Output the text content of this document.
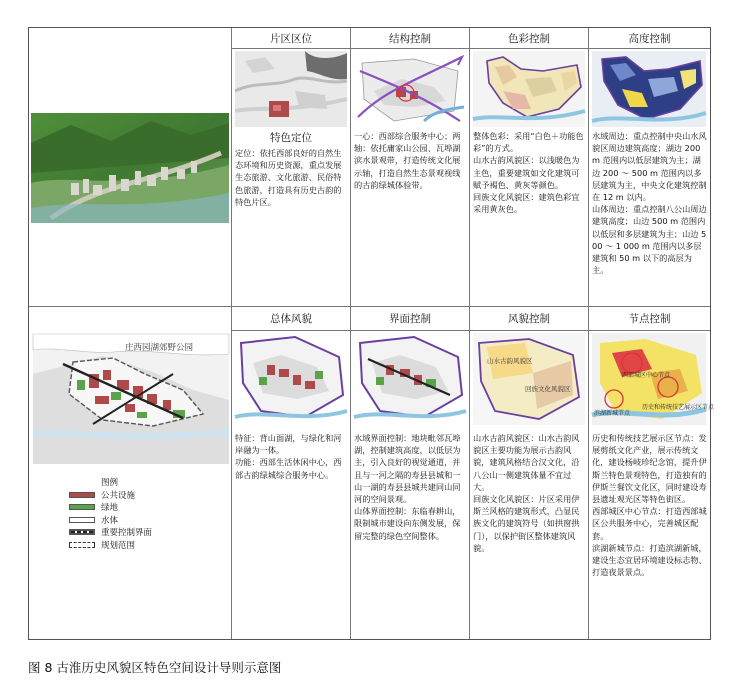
片区区位
特色定位
定位：依托西部良好的自然生态环境和历史资源，重点发展生态旅游、文化旅游、民俗特色旅游，打造具有历史古韵的特色片区。
结构控制
一心：西部综合服务中心；两轴：依托庸家山公园、瓦埠湖滨水景观带，打造传统文化展示轴，打造自然生态景观视线的古韵绿城体验带。
色彩控制

整体色彩：采用“白色＋功能色彩”的方式。

山水古韵风貌区：以浅暖色为主色，重要建筑如文化建筑可赋予褐色、黄灰等颜色。

回族文化风貌区：建筑色彩宜采用黄灰色。

高度控制

水域周边：重点控制中央山水风貌区周边建筑高度；湖边 200 m 范围内以低层建筑为主；湖边 200 ～ 500 m 范围内以多层建筑为主，中央文化建筑控制在 12 m 以内。

山体周边：重点控制八公山周边建筑高度；山边 500 m 范围内以低层和多层建筑为主；山边 500 ～ 1 000 m 范围内以多层建筑和 50 m 以下的高层为主。

庄西园湖郊野公园
图例
公共设施
绿地
水体
重要控制界面
规划范围
总体风貌

特征：背山面湖，与绿化和河岸融为一体。

功能：西部生活休闲中心，西部古韵绿城综合服务中心。

界面控制

水域界面控制：地块毗邻瓦埠湖，控制建筑高度，以低层为主，引入良好的视觉通道，并且与一河之隔的寿县县城和一山一湖的寿县县城共建同山同河的空间景观。

山体界面控制：东临春耕山，限制城市建设向东侧发展，保留完整的绿色空间整体。

风貌控制
山水古韵风貌区
回族文化风貌区

山水古韵风貌区：山水古韵风貌区主要功能为展示古韵风貌，建筑风格结合汉文化，沿八公山一侧建筑体量不宜过大。

回族文化风貌区：片区采用伊斯兰风格的建筑形式，凸显民族文化的建筑符号（如拱窗拱门），以保护街区整体建筑风貌。

节点控制
西部城区中心节点
历史和传统技艺展示区节点
滨湖新城节点

历史和传统技艺展示区节点：发展剪纸文化产业，展示传统文化，建设杨岐珍纪念馆，提升伊斯兰特色景观特色，打造独有的伊斯兰餐饮文化区，同时建设寿县遗址观光区等特色街区。

西部城区中心节点：打造西部城区公共服务中心，完善城区配套。

滨湖新城节点：打造滨湖新城，建设生态宜居环境建设标志物、打造夜景景点。

图 8 古淮历史风貌区特色空间设计导则示意图
